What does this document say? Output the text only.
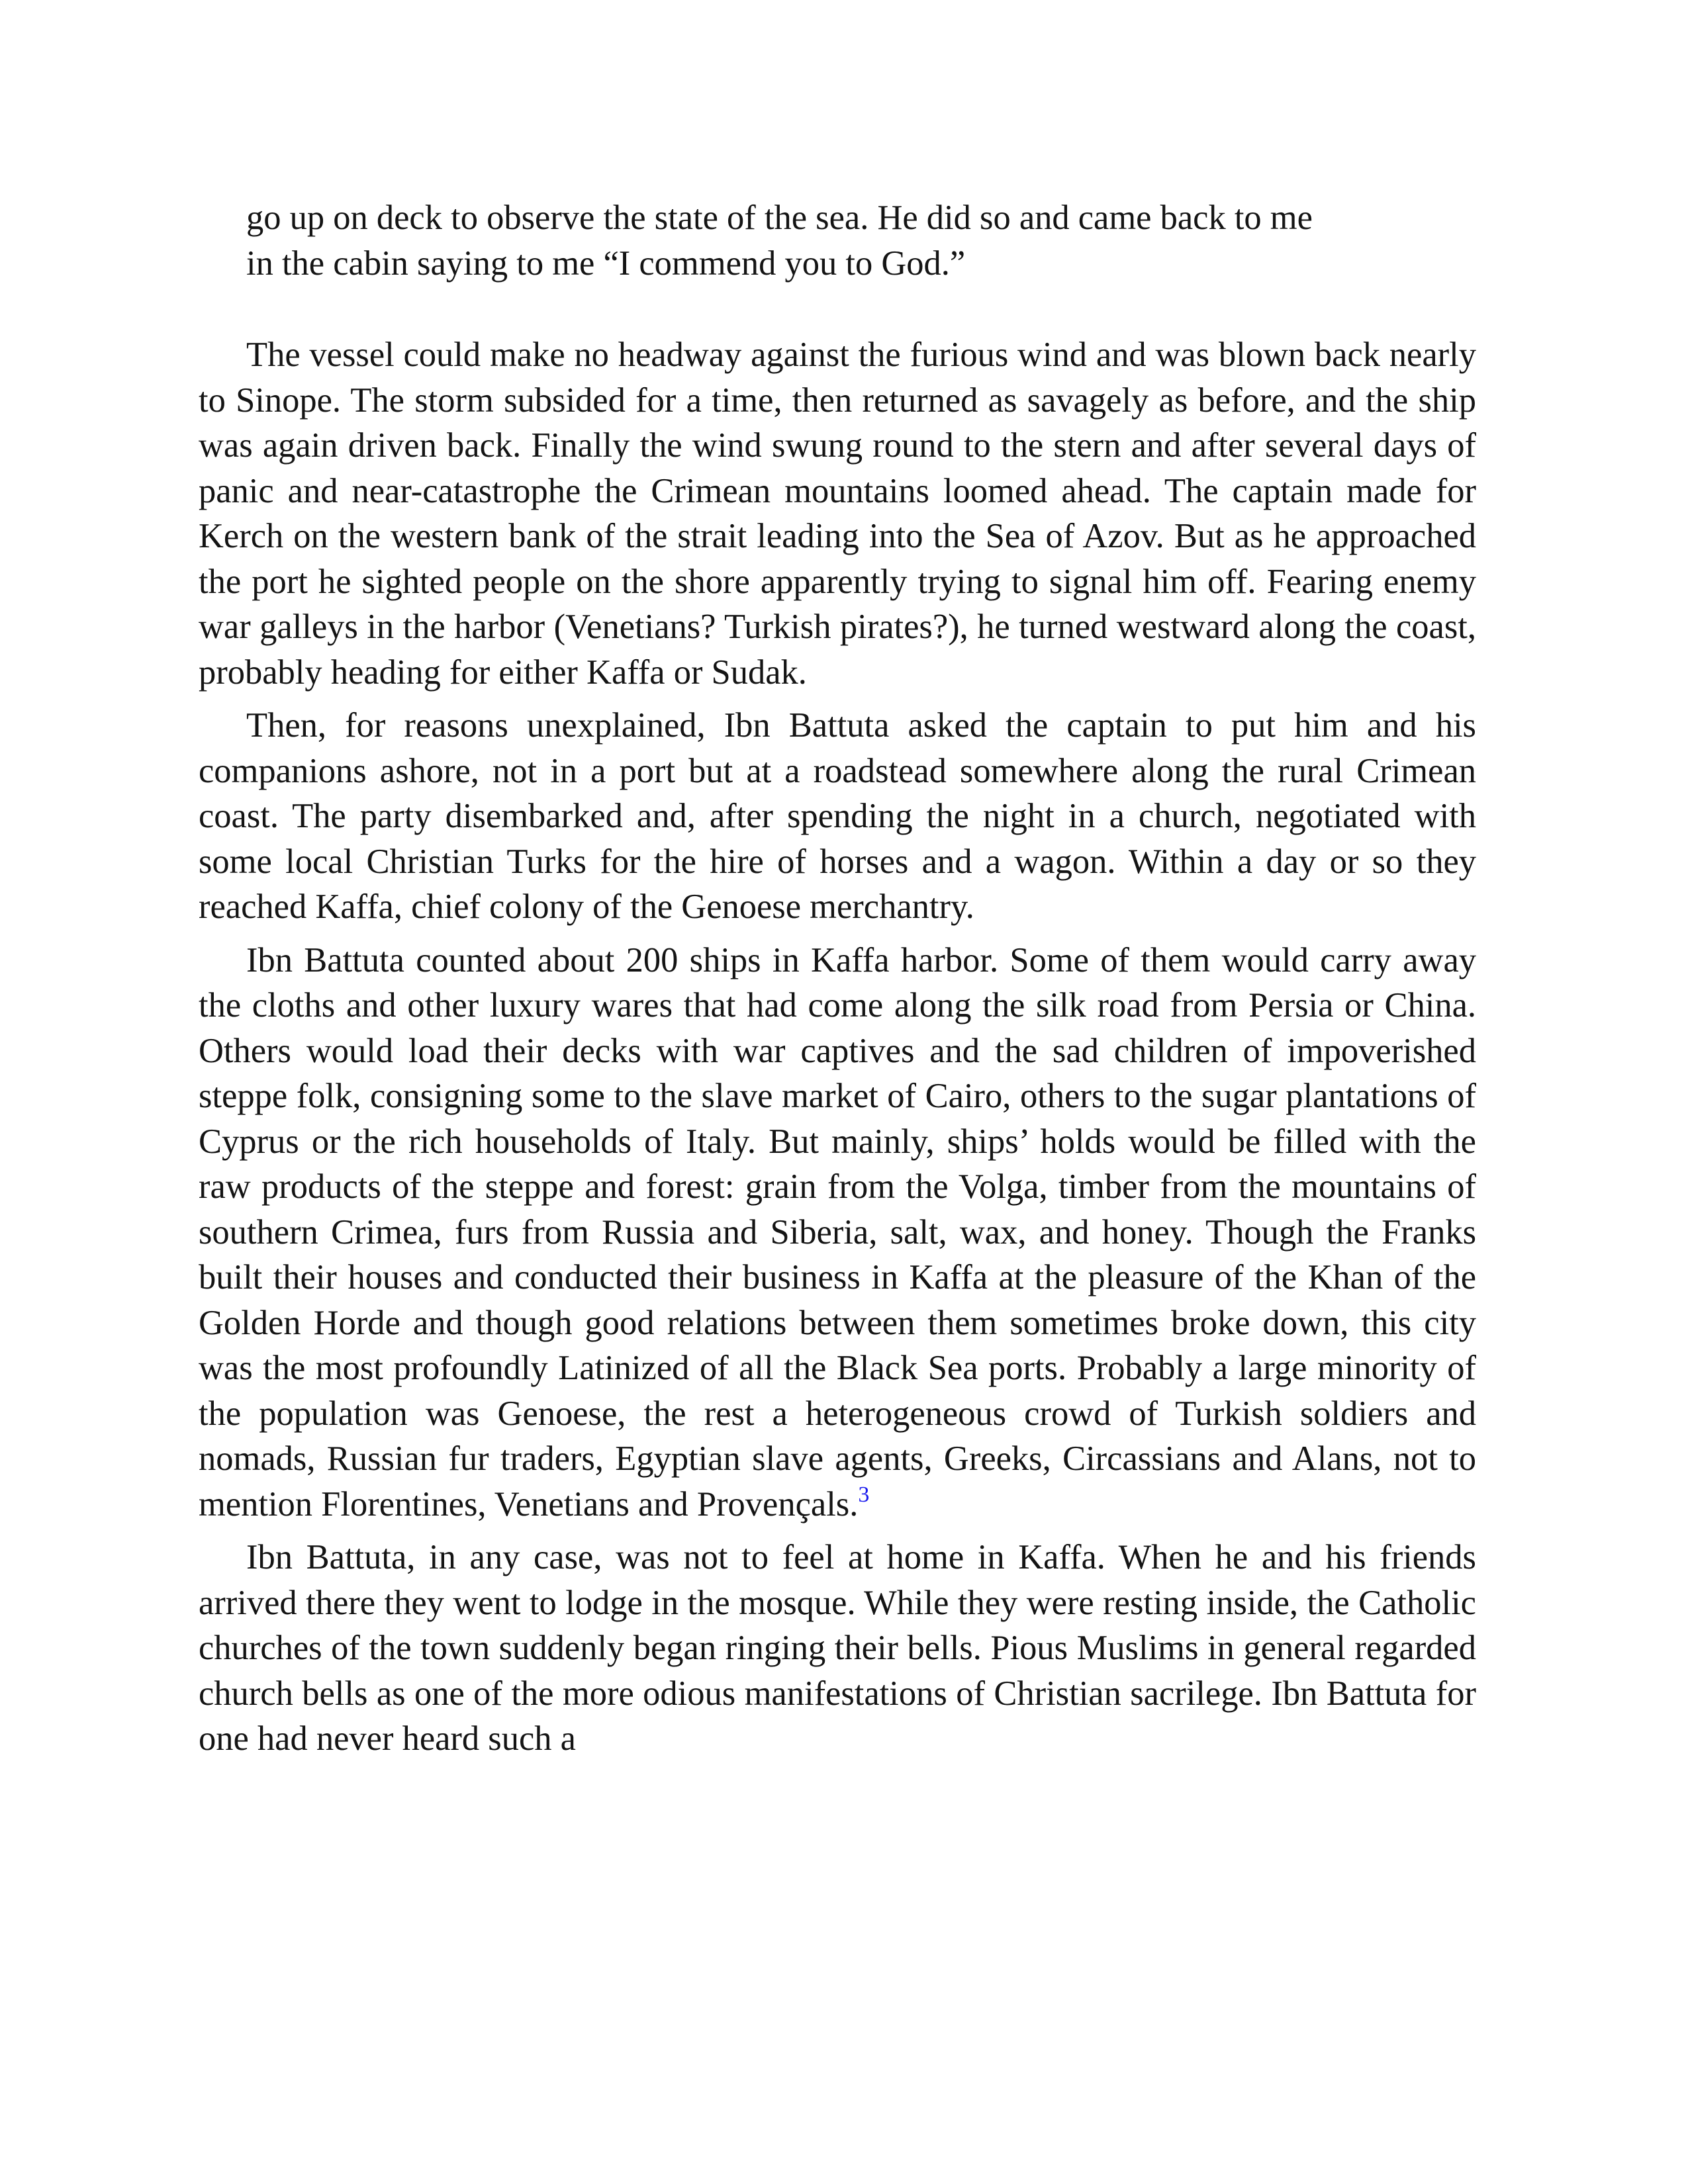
go up on deck to observe the state of the sea. He did so and came back to me
in the cabin saying to me “I commend you to God.”

The vessel could make no headway against the furious wind and was blown back nearly to Sinope. The storm subsided for a time, then returned as savagely as before, and the ship was again driven back. Finally the wind swung round to the stern and after several days of panic and near-catastrophe the Crimean mountains loomed ahead. The captain made for Kerch on the western bank of the strait leading into the Sea of Azov. But as he approached the port he sighted people on the shore apparently trying to signal him off. Fearing enemy war galleys in the harbor (Venetians? Turkish pirates?), he turned westward along the coast, probably heading for either Kaffa or Sudak.

Then, for reasons unexplained, Ibn Battuta asked the captain to put him and his companions ashore, not in a port but at a roadstead somewhere along the rural Crimean coast. The party disembarked and, after spending the night in a church, negotiated with some local Christian Turks for the hire of horses and a wagon. Within a day or so they reached Kaffa, chief colony of the Genoese merchantry.

Ibn Battuta counted about 200 ships in Kaffa harbor. Some of them would carry away the cloths and other luxury wares that had come along the silk road from Persia or China. Others would load their decks with war captives and the sad children of impoverished steppe folk, consigning some to the slave market of Cairo, others to the sugar plantations of Cyprus or the rich households of Italy. But mainly, ships’ holds would be filled with the raw products of the steppe and forest: grain from the Volga, timber from the mountains of southern Crimea, furs from Russia and Siberia, salt, wax, and honey. Though the Franks built their houses and conducted their business in Kaffa at the pleasure of the Khan of the Golden Horde and though good relations between them sometimes broke down, this city was the most profoundly Latinized of all the Black Sea ports. Probably a large minority of the population was Genoese, the rest a heterogeneous crowd of Turkish soldiers and nomads, Russian fur traders, Egyptian slave agents, Greeks, Circassians and Alans, not to mention Florentines, Venetians and Provençals.$^3$

Ibn Battuta, in any case, was not to feel at home in Kaffa. When he and his friends arrived there they went to lodge in the mosque. While they were resting inside, the Catholic churches of the town suddenly began ringing their bells. Pious Muslims in general regarded church bells as one of the more odious manifestations of Christian sacrilege. Ibn Battuta for one had never heard such a
